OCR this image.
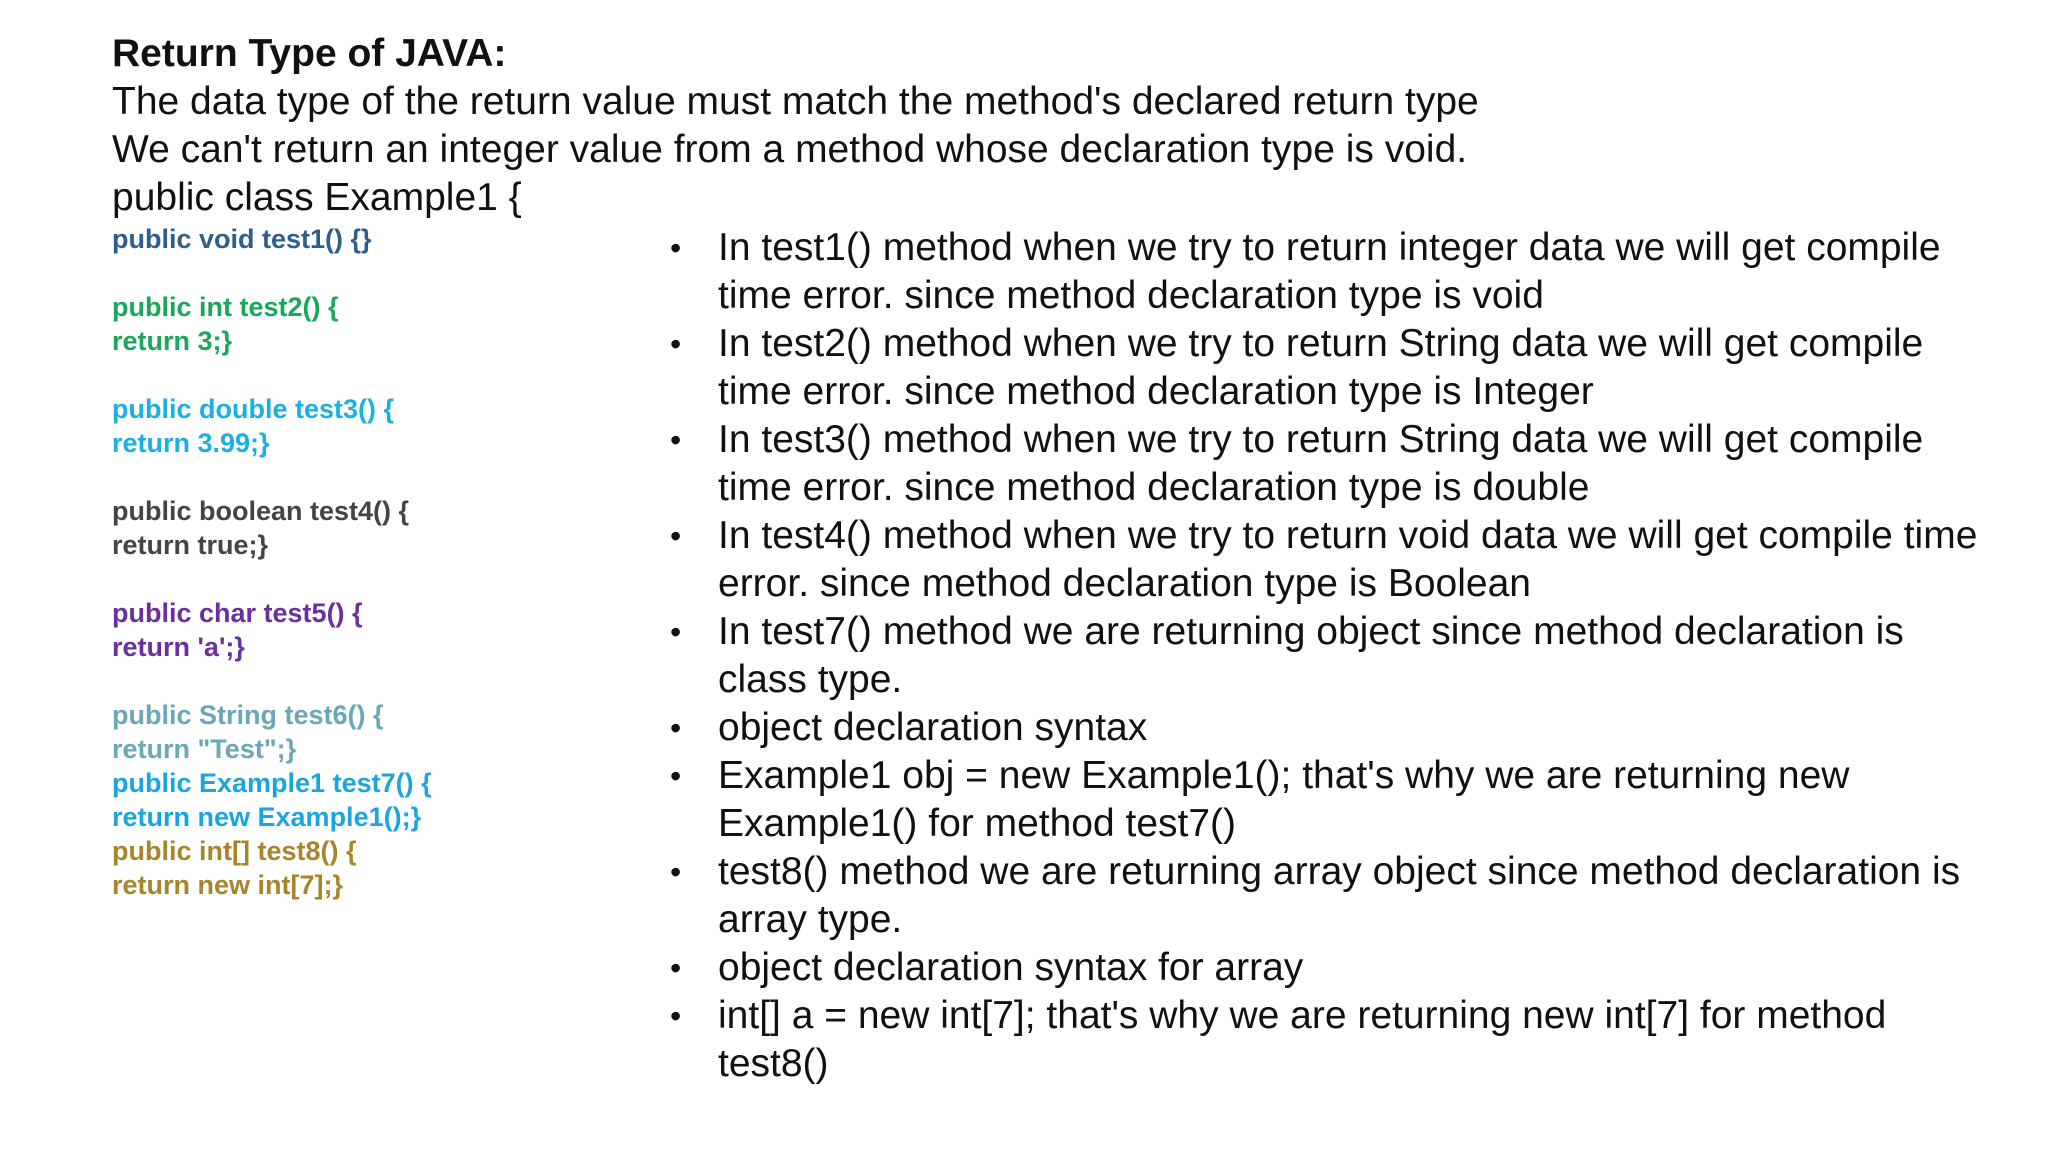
Return Type of JAVA:
The data type of the return value must match the method's declared return type
We can't return an integer value from a method whose declaration type is void.
public class Example1 {
public void test1() {}
public int test2() {
return 3;}
public double test3() {
return 3.99;}
public boolean test4() {
return true;}
public char test5() {
return 'a';}
public String test6() {
return "Test";}
public Example1 test7() {
return new Example1();}
public int[] test8() {
return new int[7];}
• In test1() method when we try to return integer data we will get compile time error. since method declaration type is void
• In test2() method when we try to return String data we will get compile time error. since method declaration type is Integer
• In test3() method when we try to return String data we will get compile time error. since method declaration type is double
• In test4() method when we try to return void data we will get compile time error. since method declaration type is Boolean
• In test7() method we are returning object since method declaration is class type.
• object declaration syntax
• Example1 obj = new Example1(); that's why we are returning new Example1() for method test7()
• test8() method we are returning array object since method declaration is array type.
• object declaration syntax for array
• int[] a = new int[7]; that's why we are returning new int[7] for method test8()
